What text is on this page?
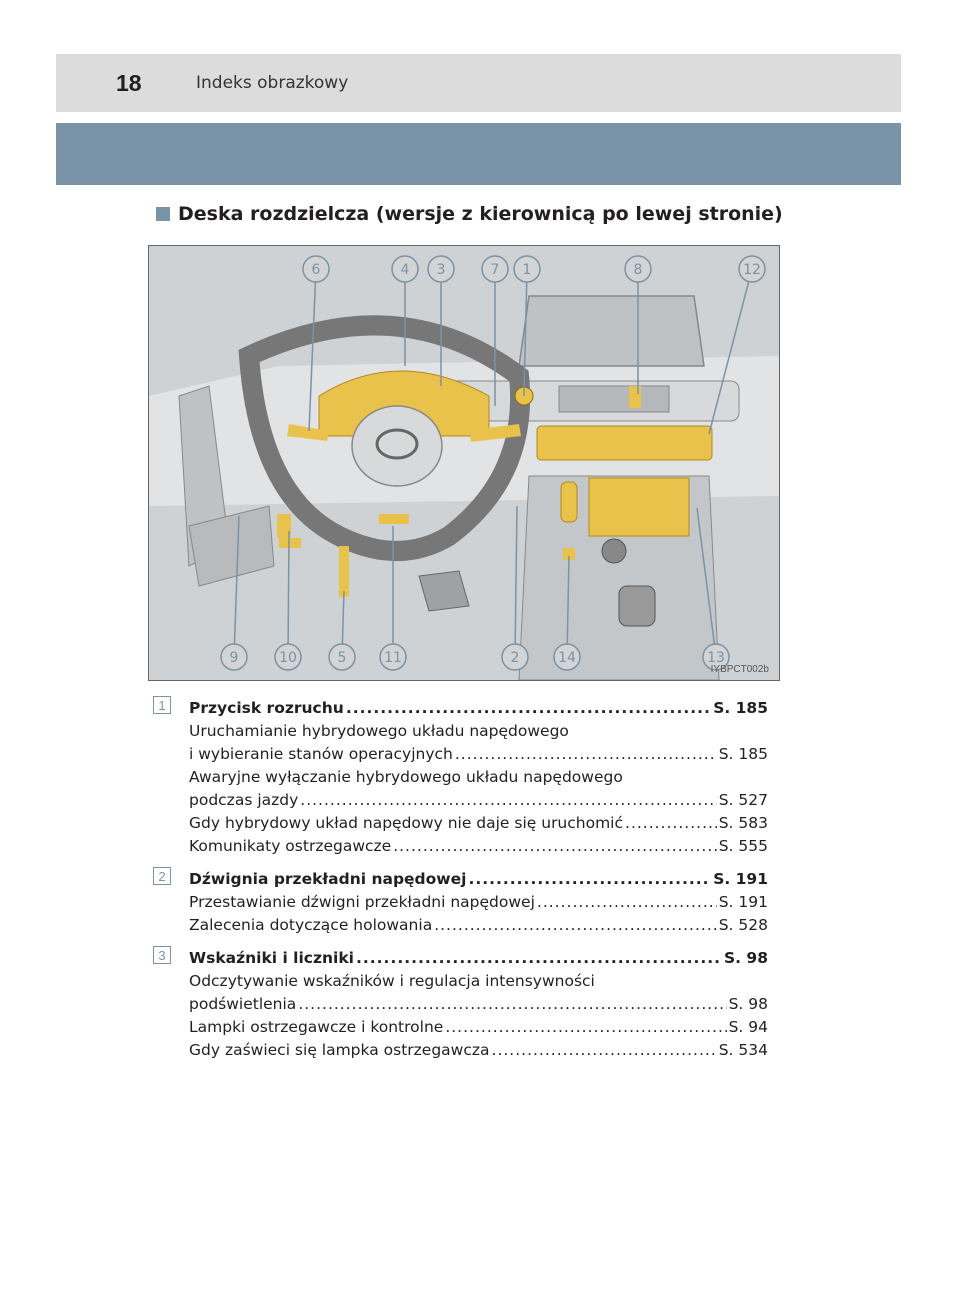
18	Indeks obrazkowy
Deska rozdzielcza (wersje z kierownicą po lewej stronie)
6	4 3	7 1	8	12
9	10	5	11	2	14	13
IYBPCT002b
1	Przycisk rozruchu .....	S. 185
Uruchamianie hybrydowego układu napędowego
i wybieranie stanów operacyjnych .....	S. 185
Awaryjne wyłączanie hybrydowego układu napędowego
podczas jazdy .....	S. 527
Gdy hybrydowy układ napędowy nie daje się uruchomić .....	S. 583
Komunikaty ostrzegawcze .....	S. 555
2	Dźwignia przekładni napędowej .....	S. 191
Przestawianie dźwigni przekładni napędowej .....	S. 191
Zalecenia dotyczące holowania .....	S. 528
3	Wskaźniki i liczniki .....	S. 98
Odczytywanie wskaźników i regulacja intensywności
podświetlenia .....	S. 98
Lampki ostrzegawcze i kontrolne .....	S. 94
Gdy zaświeci się lampka ostrzegawcza .....	S. 534
